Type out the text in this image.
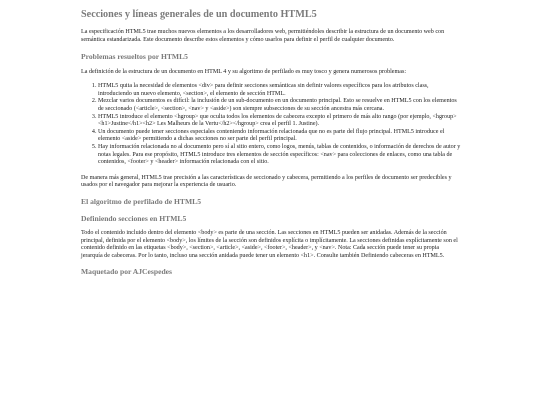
Secciones y líneas generales de un documento HTML5

La especificación HTML5 trae muchos nuevos elementos a los desarrolladores web, permitiéndoles describir la estructura de un documento web con semántica estandarizada. Este documento describe estos elementos y cómo usarlos para definir el perfil de cualquier documento.

Problemas resueltos por HTML5

La definición de la estructura de un documento en HTML 4 y su algoritmo de perfilado es muy tosco y genera numerosos problemas:

1. HTML5 quita la necesidad de elementos <div> para definir secciones semánticas sin definir valores específicos para los atributos class, introduciendo un nuevo elemento, <section>, el elemento de sección HTML.
2. Mezclar varios documentos es difícil: la inclusión de un sub-documento en un documento principal. Esto se resuelve en HTML5 con los elementos de seccionado (<article>, <section>, <nav> y <aside>) son siempre subsecciones de su sección ancestra más cercana.
3. HTML5 introduce el elemento <hgroup> que oculta todos los elementos de cabecera excepto el primero de más alto rango (por ejemplo, <hgroup><h1>Justine</h1><h2> Les Malheurs de la Vertu</h2></hgroup> crea el perfil 1. Justine).
4. Un documento puede tener secciones especiales conteniendo información relacionada que no es parte del flujo principal. HTML5 introduce el elemento <aside> permitiendo a dichas secciones no ser parte del perfil principal.
5. Hay información relacionada no al documento pero sí al sitio entero, como logos, menús, tablas de contenidos, o información de derechos de autor y notas legales. Para ese propósito, HTML5 introduce tres elementos de sección específicos: <nav> para colecciones de enlaces, como una tabla de contenidos, <footer> y <header> información relacionada con el sitio.

De manera más general, HTML5 trae precisión a las características de seccionado y cabecera, permitiendo a los perfiles de documento ser predecibles y usados por el navegador para mejorar la experiencia de usuario.

El algoritmo de perfilado de HTML5
Definiendo secciones en HTML5

Todo el contenido incluido dentro del elemento <body> es parte de una sección. Las secciones en HTML5 pueden ser anidadas. Además de la sección principal, definida por el elemento <body>, los límites de la sección son definidos explícita o implícitamente. La secciones definidas explícitamente son el contenido definido en las etiquetas <body>, <section>, <article>, <aside>, <footer>, <header>, y <nav>. Nota: Cada sección puede tener su propia jerarquía de cabeceras. Por lo tanto, incluso una sección anidada puede tener un elemento <h1>. Consulte también Definiendo cabeceras en HTML5.

Maquetado por AJCespedes
